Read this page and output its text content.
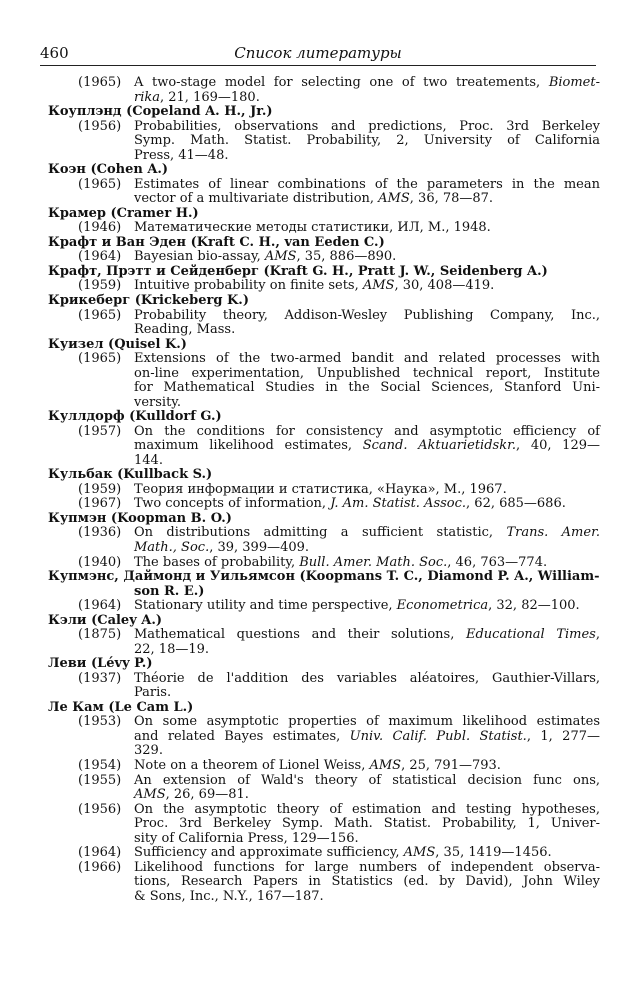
460	Список литературы
(1965) A two-stage model for selecting one of two treatements, Biomet-
rika, 21, 169—180.
Коуплэнд (Copeland A. H., Jr.)
(1956) Probabilities, observations and predictions, Proc. 3rd Berkeley
Symp. Math. Statist. Probability, 2, University of California
Press, 41—48.
Коэн (Cohen A.)
(1965) Estimates of linear combinations of the parameters in the mean
vector of a multivariate distribution, AMS, 36, 78—87.
Крамер (Cramer H.)
(1946) Математические методы статистики, ИЛ, М., 1948.
Крафт и Ван Эден (Kraft C. H., van Eeden C.)
(1964) Bayesian bio-assay, AMS, 35, 886—890.
Крафт, Прэтт и Сейденберг (Kraft G. H., Pratt J. W., Seidenberg A.)
(1959) Intuitive probability on finite sets, AMS, 30, 408—419.
Крикеберг (Krickeberg K.)
(1965) Probability theory, Addison-Wesley Publishing Company, Inc.,
Reading, Mass.
Куизел (Quisel K.)
(1965) Extensions of the two-armed bandit and related processes with
on-line experimentation, Unpublished technical report, Institute
for Mathematical Studies in the Social Sciences, Stanford Uni-
versity.
Куллдорф (Kulldorf G.)
(1957) On the conditions for consistency and asymptotic efficiency of
maximum likelihood estimates, Scand. Aktuarietidskr., 40, 129—
144.
Кульбак (Kullback S.)
(1959) Теория информации и статистика, «Наука», М., 1967.
(1967) Two concepts of information, J. Am. Statist. Assoc., 62, 685—686.
Купмэн (Koopman B. O.)
(1936) On distributions admitting a sufficient statistic, Trans. Amer.
Math., Soc., 39, 399—409.
(1940) The bases of probability, Bull. Amer. Math. Soc., 46, 763—774.
Купмэнс, Даймонд и Уильямсон (Koopmans T. C., Diamond P. A., William-
son R. E.)
(1964) Stationary utility and time perspective, Econometrica, 32, 82—100.
Кэли (Caley A.)
(1875) Mathematical questions and their solutions, Educational Times,
22, 18—19.
Леви (Lévy P.)
(1937) Théorie de l'addition des variables aléatoires, Gauthier-Villars,
Paris.
Ле Кам (Le Cam L.)
(1953) On some asymptotic properties of maximum likelihood estimates
and related Bayes estimates, Univ. Calif. Publ. Statist., 1, 277—
329.
(1954) Note on a theorem of Lionel Weiss, AMS, 25, 791—793.
(1955) An extension of Wald's theory of statistical decision func ons,
AMS, 26, 69—81.
(1956) On the asymptotic theory of estimation and testing hypotheses,
Proc. 3rd Berkeley Symp. Math. Statist. Probability, 1, Univer-
sity of California Press, 129—156.
(1964) Sufficiency and approximate sufficiency, AMS, 35, 1419—1456.
(1966) Likelihood functions for large numbers of independent observa-
tions, Research Papers in Statistics (ed. by David), John Wiley
& Sons, Inc., N.Y., 167—187.
